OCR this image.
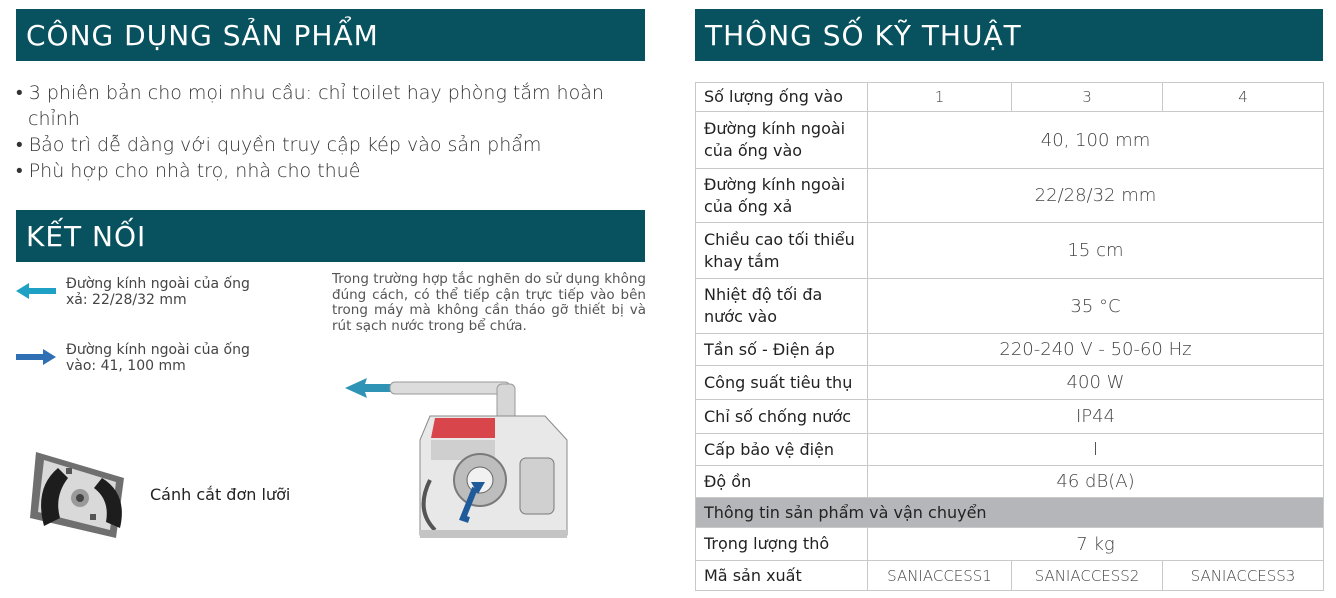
CÔNG DỤNG SẢN PHẨM
• 3 phiên bản cho mọi nhu cầu: chỉ toilet hay phòng tắm hoàn chỉnh
• Bảo trì dễ dàng với quyền truy cập kép vào sản phẩm
• Phù hợp cho nhà trọ, nhà cho thuê
KẾT NỐI
Đường kính ngoài của ống xả: 22/28/32 mm
Đường kính ngoài của ống vào: 41, 100 mm
Trong trường hợp tắc nghẽn do sử dụng không đúng cách, có thể tiếp cận trực tiếp vào bên trong máy mà không cần tháo gỡ thiết bị và rút sạch nước trong bể chứa.
Cánh cắt đơn lưỡi
THÔNG SỐ KỸ THUẬT
Số lượng ống vào	1	3	4
Đường kính ngoài của ống vào	40, 100 mm		
Đường kính ngoài của ống xả	22/28/32 mm		
Chiều cao tối thiểu khay tắm	15 cm		
Nhiệt độ tối đa nước vào	35 °C		
Tần số - Điện áp	220-240 V - 50-60 Hz		
Công suất tiêu thụ	400 W		
Chỉ số chống nước	IP44		
Cấp bảo vệ điện	I		
Độ ồn	46 dB(A)		
Thông tin sản phẩm và vận chuyển			
Trọng lượng thô	7 kg		
Mã sản xuất	SANIACCESS1	SANIACCESS2	SANIACCESS3
